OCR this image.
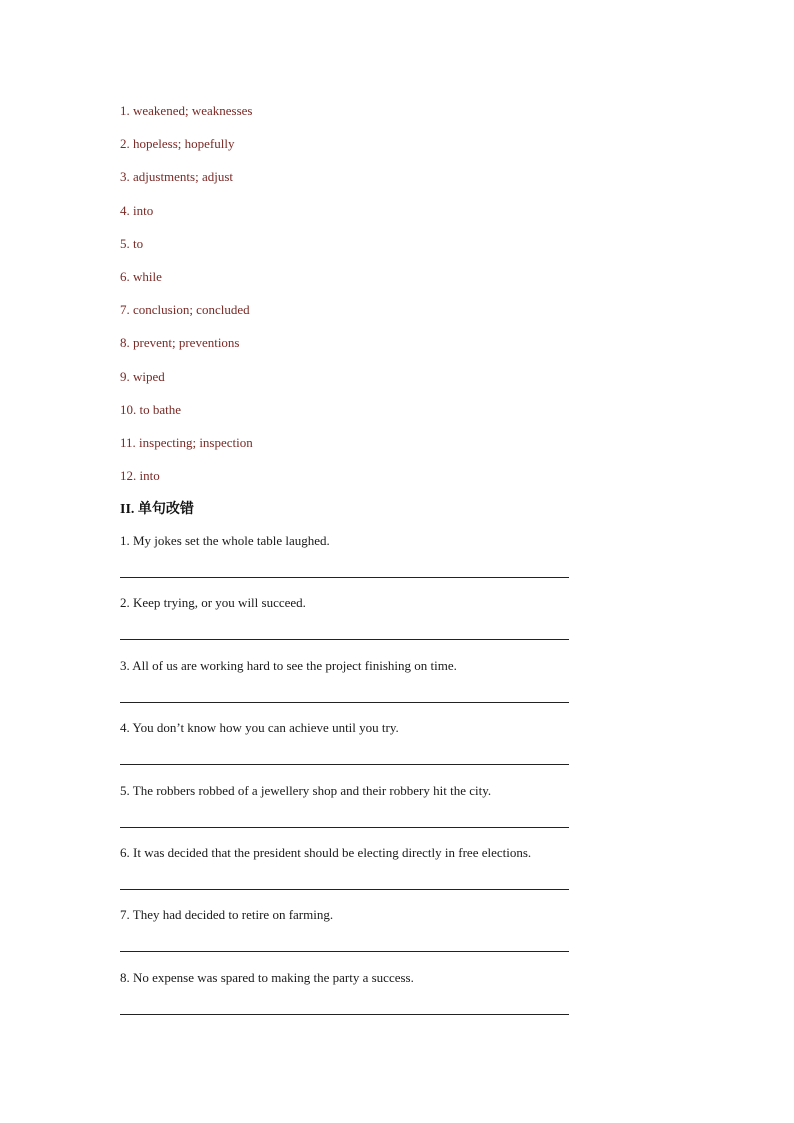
1. weakened; weaknesses
2. hopeless; hopefully
3. adjustments; adjust
4. into
5. to
6. while
7. conclusion; concluded
8. prevent; preventions
9. wiped
10. to bathe
11. inspecting; inspection
12. into
II. 单句改错
1. My jokes set the whole table laughed.
2. Keep trying, or you will succeed.
3. All of us are working hard to see the project finishing on time.
4. You don’t know how you can achieve until you try.
5. The robbers robbed of a jewellery shop and their robbery hit the city.
6. It was decided that the president should be electing directly in free elections.
7. They had decided to retire on farming.
8. No expense was spared to making the party a success.
